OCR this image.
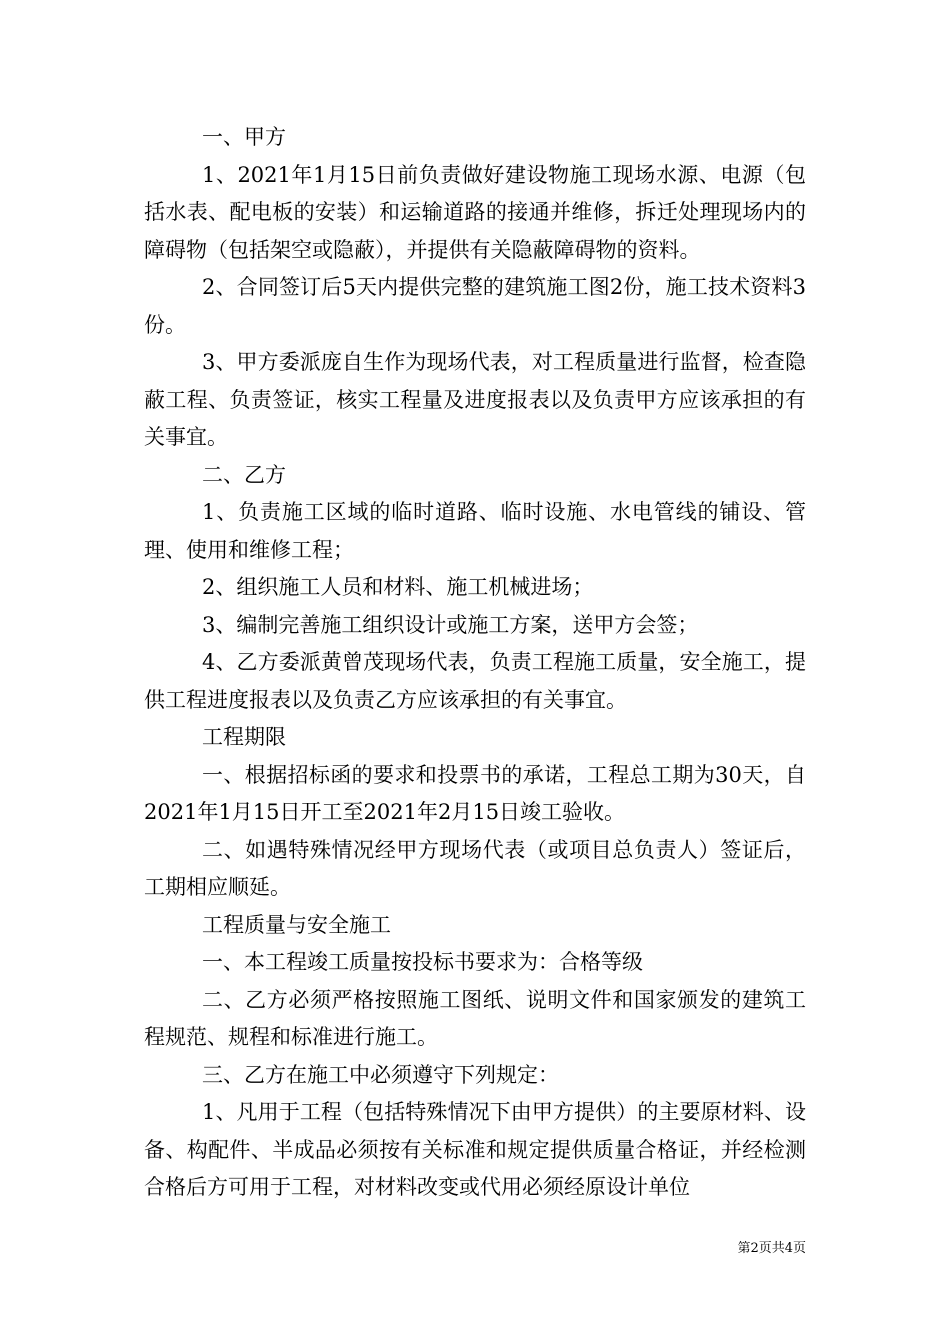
一、甲方

1、2021年1月15日前负责做好建设物施工现场水源、电源（包括水表、配电板的安装）和运输道路的接通并维修，拆迁处理现场内的障碍物（包括架空或隐蔽），并提供有关隐蔽障碍物的资料。

2、合同签订后5天内提供完整的建筑施工图2份，施工技术资料3份。

3、甲方委派庞自生作为现场代表，对工程质量进行监督，检查隐蔽工程、负责签证，核实工程量及进度报表以及负责甲方应该承担的有关事宜。

二、乙方

1、负责施工区域的临时道路、临时设施、水电管线的铺设、管理、使用和维修工程；

2、组织施工人员和材料、施工机械进场；

3、编制完善施工组织设计或施工方案，送甲方会签；

4、乙方委派黄曾茂现场代表，负责工程施工质量，安全施工，提供工程进度报表以及负责乙方应该承担的有关事宜。

工程期限

一、根据招标函的要求和投票书的承诺，工程总工期为30天，自2021年1月15日开工至2021年2月15日竣工验收。

二、如遇特殊情况经甲方现场代表（或项目总负责人）签证后，工期相应顺延。

工程质量与安全施工

一、本工程竣工质量按投标书要求为：合格等级

二、乙方必须严格按照施工图纸、说明文件和国家颁发的建筑工程规范、规程和标准进行施工。

三、乙方在施工中必须遵守下列规定：

1、凡用于工程（包括特殊情况下由甲方提供）的主要原材料、设备、构配件、半成品必须按有关标准和规定提供质量合格证，并经检测合格后方可用于工程，对材料改变或代用必须经原设计单位

第2页共4页
